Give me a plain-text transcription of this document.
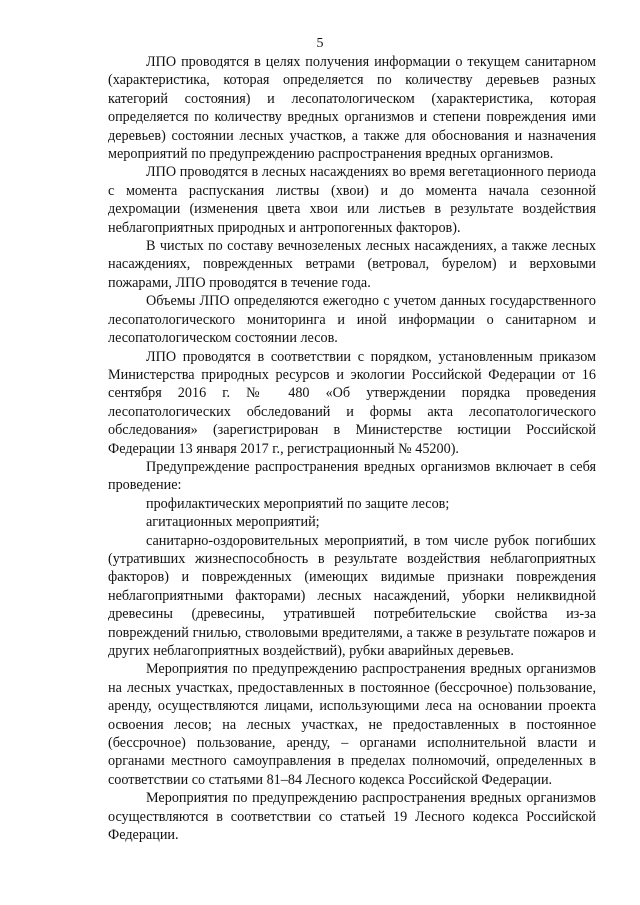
5

ЛПО проводятся в целях получения информации о текущем санитарном (характеристика, которая определяется по количеству деревьев разных категорий состояния) и лесопатологическом (характеристика, которая определяется по количеству вредных организмов и степени повреждения ими деревьев) состоянии лесных участков, а также для обоснования и назначения мероприятий по предупреждению распространения вредных организмов.

ЛПО проводятся в лесных насаждениях во время вегетационного периода с момента распускания листвы (хвои) и до момента начала сезонной дехромации (изменения цвета хвои или листьев в результате воздействия неблагоприятных природных и антропогенных факторов).

В чистых по составу вечнозеленых лесных насаждениях, а также лесных насаждениях, поврежденных ветрами (ветровал, бурелом) и верховыми пожарами, ЛПО проводятся в течение года.

Объемы ЛПО определяются ежегодно с учетом данных государственного лесопатологического мониторинга и иной информации о санитарном и лесопатологическом состоянии лесов.

ЛПО проводятся в соответствии с порядком, установленным приказом Министерства природных ресурсов и экологии Российской Федерации от 16 сентября 2016 г. № 480 «Об утверждении порядка проведения лесопатологических обследований и формы акта лесопатологического обследования» (зарегистрирован в Министерстве юстиции Российской Федерации 13 января 2017 г., регистрационный № 45200).

Предупреждение распространения вредных организмов включает в себя проведение:

профилактических мероприятий по защите лесов;

агитационных мероприятий;

санитарно-оздоровительных мероприятий, в том числе рубок погибших (утративших жизнеспособность в результате воздействия неблагоприятных факторов) и поврежденных (имеющих видимые признаки повреждения неблагоприятными факторами) лесных насаждений, уборки неликвидной древесины (древесины, утратившей потребительские свойства из-за повреждений гнилью, стволовыми вредителями, а также в результате пожаров и других неблагоприятных воздействий), рубки аварийных деревьев.

Мероприятия по предупреждению распространения вредных организмов на лесных участках, предоставленных в постоянное (бессрочное) пользование, аренду, осуществляются лицами, использующими леса на основании проекта освоения лесов; на лесных участках, не предоставленных в постоянное (бессрочное) пользование, аренду, – органами исполнительной власти и органами местного самоуправления в пределах полномочий, определенных в соответствии со статьями 81–84 Лесного кодекса Российской Федерации.

Мероприятия по предупреждению распространения вредных организмов осуществляются в соответствии со статьей 19 Лесного кодекса Российской Федерации.
